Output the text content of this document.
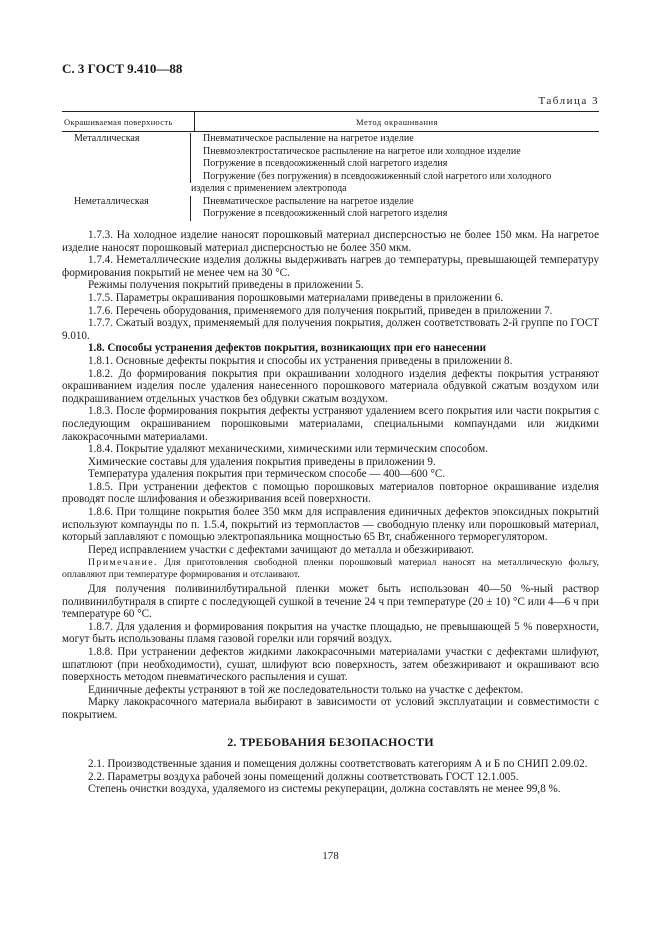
С. 3 ГОСТ 9.410—88
Таблица 3
Окрашиваемая поверхность	Метод окрашивания
Металлическая	Пневматическое распыление на нагретое изделие
Пневмоэлектростатическое распыление на нагретое или холодное изделие
Погружение в псевдоожиженный слой нагретого изделия
Погружение (без погружения) в псевдоожиженный слой нагретого или холодного
изделия с применением электропода
Неметаллическая	Пневматическое распыление на нагретое изделие
Погружение в псевдоожиженный слой нагретого изделия

1.7.3. На холодное изделие наносят порошковый материал дисперсностью не более 150 мкм. На нагретое изделие наносят порошковый материал дисперсностью не более 350 мкм.

1.7.4. Неметаллические изделия должны выдерживать нагрев до температуры, превышающей температуру формирования покрытий не менее чем на 30 °С.

Режимы получения покрытий приведены в приложении 5.

1.7.5. Параметры окрашивания порошковыми материалами приведены в приложении 6.

1.7.6. Перечень оборудования, применяемого для получения покрытий, приведен в приложении 7.

1.7.7. Сжатый воздух, применяемый для получения покрытия, должен соответствовать 2-й группе по ГОСТ 9.010.

1.8. Способы устранения дефектов покрытия, возникающих при его нанесении

1.8.1. Основные дефекты покрытия и способы их устранения приведены в приложении 8.

1.8.2. До формирования покрытия при окрашивании холодного изделия дефекты покрытия устраняют окрашиванием изделия после удаления нанесенного порошкового материала обдувкой сжатым воздухом или подкрашиванием отдельных участков без обдувки сжатым воздухом.

1.8.3. После формирования покрытия дефекты устраняют удалением всего покрытия или части покрытия с последующим окрашиванием порошковыми материалами, специальными компаундами или жидкими лакокрасочными материалами.

1.8.4. Покрытие удаляют механическими, химическими или термическим способом.

Химические составы для удаления покрытия приведены в приложении 9.

Температура удаления покрытия при термическом способе — 400—600 °С.

1.8.5. При устранении дефектов с помощью порошковых материалов повторное окрашивание изделия проводят после шлифования и обезжиривания всей поверхности.

1.8.6. При толщине покрытия более 350 мкм для исправления единичных дефектов эпоксидных покрытий используют компаунды по п. 1.5.4, покрытий из термопластов — свободную пленку или порошковый материал, который заплавляют с помощью электропаяльника мощностью 65 Вт, снабженного терморегулятором.

Перед исправлением участки с дефектами зачищают до металла и обезжиривают.

Примечание. Для приготовления свободной пленки порошковый материал наносят на металлическую фольгу, оплавляют при температуре формирования и отслаивают.

Для получения поливинилбутиральной пленки может быть использован 40—50 %-ный раствор поливинилбутираля в спирте с последующей сушкой в течение 24 ч при температуре (20 ± 10) °С или 4—6 ч при температуре 60 °С.

1.8.7. Для удаления и формирования покрытия на участке площадью, не превышающей 5 % поверхности, могут быть использованы пламя газовой горелки или горячий воздух.

1.8.8. При устранении дефектов жидкими лакокрасочными материалами участки с дефектами шлифуют, шпатлюют (при необходимости), сушат, шлифуют всю поверхность, затем обезжиривают и окрашивают всю поверхность методом пневматического распыления и сушат.

Единичные дефекты устраняют в той же последовательности только на участке с дефектом.

Марку лакокрасочного материала выбирают в зависимости от условий эксплуатации и совместимости с покрытием.

2. ТРЕБОВАНИЯ БЕЗОПАСНОСТИ

2.1. Производственные здания и помещения должны соответствовать категориям А и Б по СНИП 2.09.02.

2.2. Параметры воздуха рабочей зоны помещений должны соответствовать ГОСТ 12.1.005.

Степень очистки воздуха, удаляемого из системы рекуперации, должна составлять не менее 99,8 %.

178
